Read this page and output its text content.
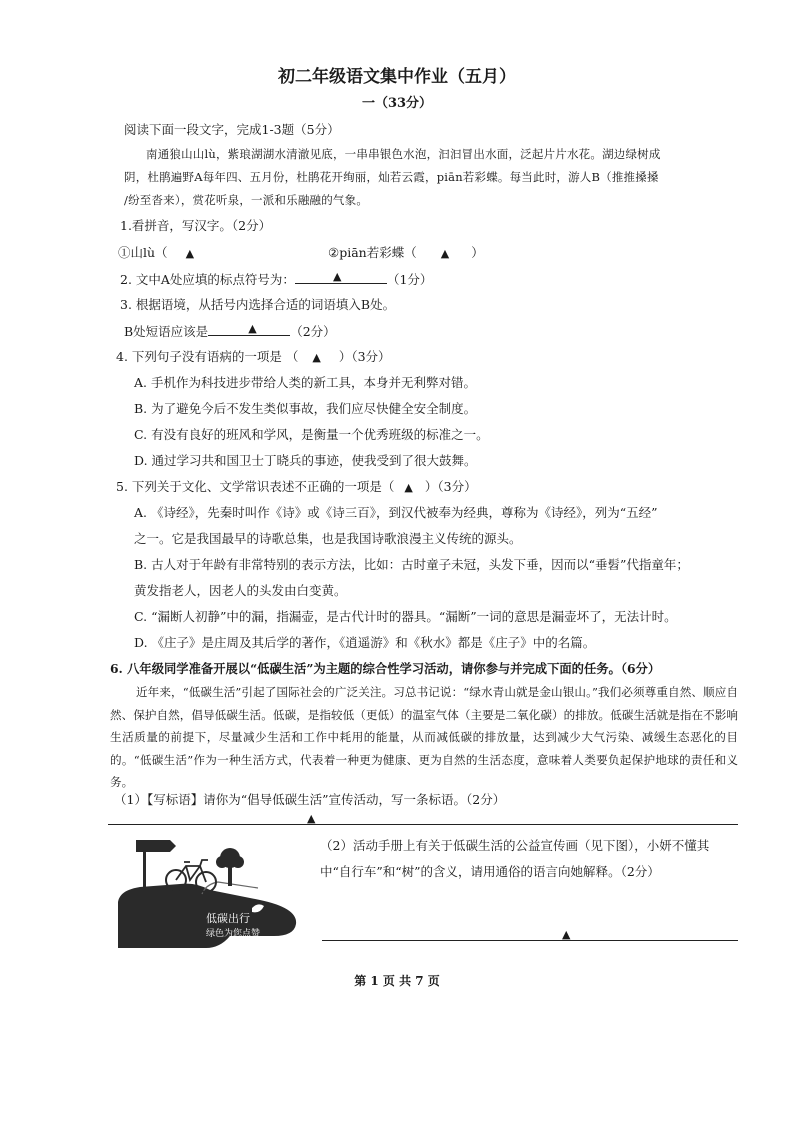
初二年级语文集中作业（五月）
一（33分）
阅读下面一段文字，完成1-3题（5分）
南通狼山山lù，紫琅湖湖水清澈见底，一串串银色水泡，汩汩冒出水面，泛起片片水花。湖边绿树成
阴，杜鹃遍野A每年四、五月份，杜鹃花开绚丽，灿若云霞，piān若彩蝶。每当此时，游人B（推推搡搡
/纷至沓来），赏花听泉，一派和乐融融的气象。
1.看拼音，写汉字。（2分）
①山lù（ ▲	②piān若彩蝶（ ▲ ）
2. 文中A处应填的标点符号为：	▲	（1分）
3. 根据语境，从括号内选择合适的词语填入B处。
B处短语应该是	▲	（2分）
4. 下列句子没有语病的一项是 （ ▲ ）（3分）
A. 手机作为科技进步带给人类的新工具，本身并无利弊对错。
B. 为了避免今后不发生类似事故，我们应尽快健全安全制度。
C. 有没有良好的班风和学风，是衡量一个优秀班级的标准之一。
D. 通过学习共和国卫士丁晓兵的事迹，使我受到了很大鼓舞。
5. 下列关于文化、文学常识表述不正确的一项是（ ▲ ）（3分）
A. 《诗经》，先秦时叫作《诗》或《诗三百》，到汉代被奉为经典，尊称为《诗经》，列为“五经”
之一。它是我国最早的诗歌总集，也是我国诗歌浪漫主义传统的源头。
B. 古人对于年龄有非常特别的表示方法，比如：古时童子未冠，头发下垂，因而以“垂髫”代指童年；
黄发指老人，因老人的头发由白变黄。
C. “漏断人初静”中的漏，指漏壶，是古代计时的器具。“漏断”一词的意思是漏壶坏了，无法计时。
D. 《庄子》是庄周及其后学的著作，《逍遥游》和《秋水》都是《庄子》中的名篇。
6. 八年级同学准备开展以“低碳生活”为主题的综合性学习活动，请你参与并完成下面的任务。（6分）
近年来，“低碳生活”引起了国际社会的广泛关注。习总书记说：“绿水青山就是金山银山。”我们必须尊重自然、顺应自然、保护自然，倡导低碳生活。低碳，是指较低（更低）的温室气体（主要是二氧化碳）的排放。低碳生活就是指在不影响生活质量的前提下，尽量减少生活和工作中耗用的能量，从而减低碳的排放量，达到减少大气污染、减缓生态恶化的目的。“低碳生活”作为一种生活方式，代表着一种更为健康、更为自然的生活态度，意味着人类要负起保护地球的责任和义务。
（1）【写标语】请你为“倡导低碳生活”宣传活动，写一条标语。（2分）
▲
低碳出行
绿色为您点赞
（2）活动手册上有关于低碳生活的公益宣传画（见下图），小妍不懂其
中“自行车”和“树”的含义，请用通俗的语言向她解释。（2分）
▲
第 1 页 共 7 页
